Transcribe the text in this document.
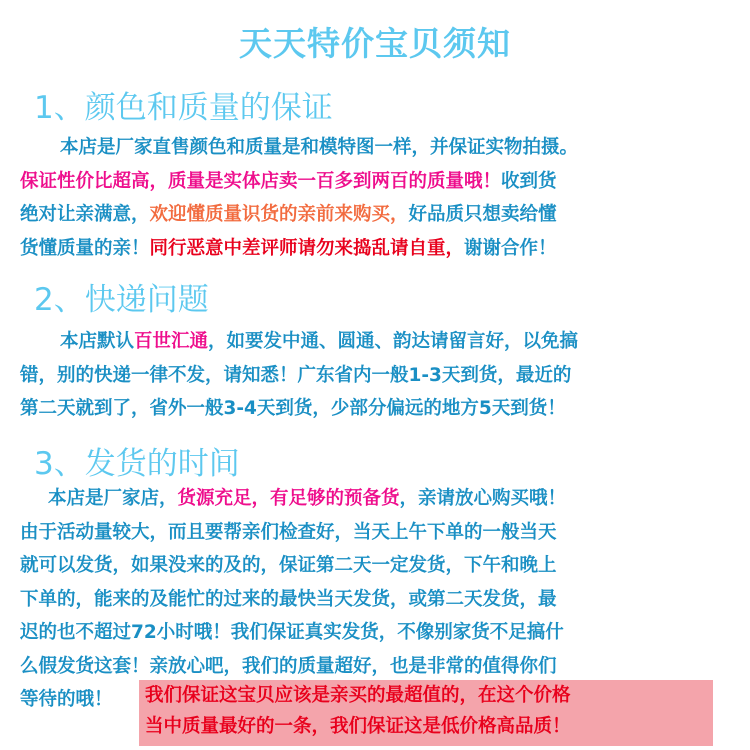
天天特价宝贝须知
1、颜色和质量的保证
本店是厂家直售颜色和质量是和模特图一样，并保证实物拍摄。
保证性价比超高，质量是实体店卖一百多到两百的质量哦！收到货
绝对让亲满意，欢迎懂质量识货的亲前来购买，好品质只想卖给懂
货懂质量的亲！同行恶意中差评师请勿来捣乱请自重，谢谢合作！
2、快递问题
本店默认百世汇通，如要发中通、圆通、韵达请留言好，以免搞
错，别的快递一律不发，请知悉！广东省内一般1-3天到货，最近的
第二天就到了，省外一般3-4天到货，少部分偏远的地方5天到货！
3、发货的时间
本店是厂家店，货源充足，有足够的预备货，亲请放心购买哦！
由于活动量较大，而且要帮亲们检查好，当天上午下单的一般当天
就可以发货，如果没来的及的，保证第二天一定发货，下午和晚上
下单的，能来的及能忙的过来的最快当天发货，或第二天发货，最
迟的也不超过72小时哦！我们保证真实发货，不像别家货不足搞什
么假发货这套！亲放心吧，我们的质量超好，也是非常的值得你们
等待的哦！	我们保证这宝贝应该是亲买的最超值的，在这个价格
当中质量最好的一条，我们保证这是低价格高品质！
